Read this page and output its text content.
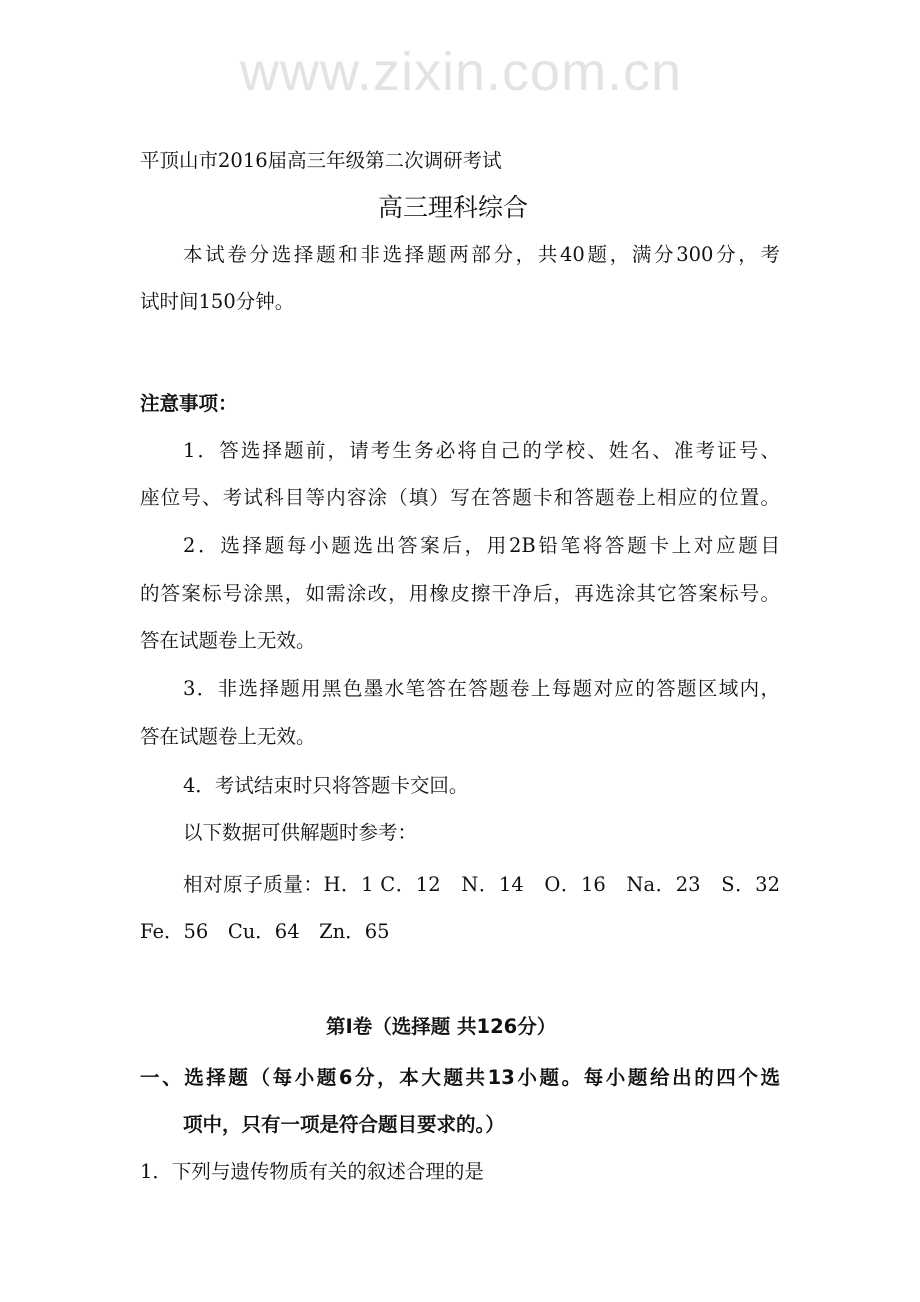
www.zixin.com.cn
平顶山市2016届高三年级第二次调研考试
高三理科综合
本试卷分选择题和非选择题两部分，共40题，满分300分，考
试时间150分钟。
注意事项：
1．答选择题前，请考生务必将自己的学校、姓名、准考证号、
座位号、考试科目等内容涂（填）写在答题卡和答题卷上相应的位置。
2．选择题每小题选出答案后，用2B铅笔将答题卡上对应题目
的答案标号涂黑，如需涂改，用橡皮擦干净后，再选涂其它答案标号。
答在试题卷上无效。
3．非选择题用黑色墨水笔答在答题卷上每题对应的答题区域内，
答在试题卷上无效。
4．考试结束时只将答题卡交回。
以下数据可供解题时参考：
相对原子质量：H．1 C．12　N．14　O．16　Na．23　S．32
Fe．56　Cu．64　Zn．65
第Ⅰ卷（选择题 共126分）
一、选择题（每小题6分，本大题共13小题。每小题给出的四个选
项中，只有一项是符合题目要求的。）
1．下列与遗传物质有关的叙述合理的是
